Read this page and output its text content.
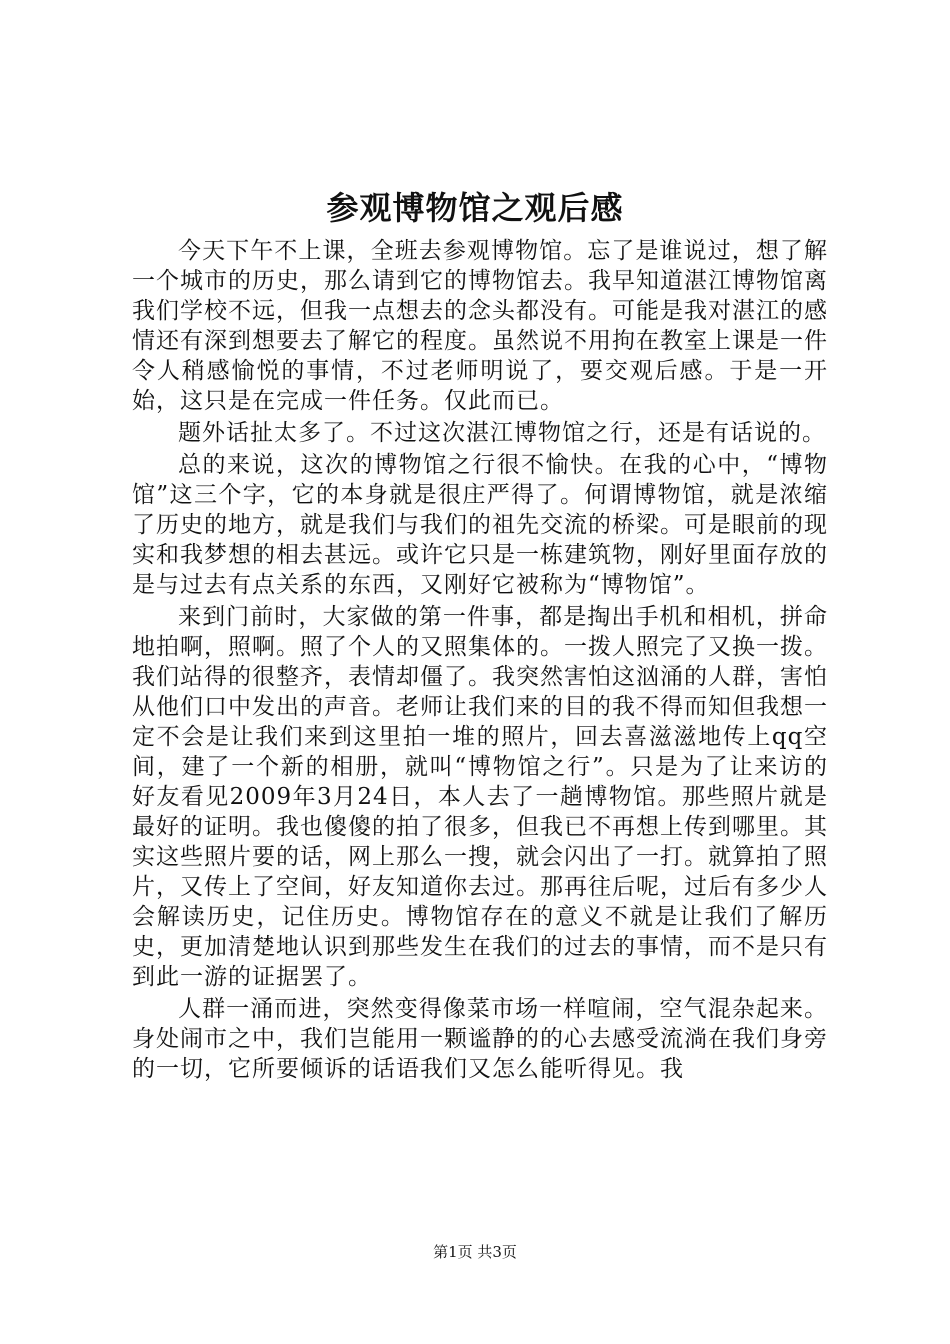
参观博物馆之观后感

今天下午不上课，全班去参观博物馆。忘了是谁说过，想了解一个城市的历史，那么请到它的博物馆去。我早知道湛江博物馆离我们学校不远，但我一点想去的念头都没有。可能是我对湛江的感情还有深到想要去了解它的程度。虽然说不用拘在教室上课是一件令人稍感愉悦的事情，不过老师明说了，要交观后感。于是一开始，这只是在完成一件任务。仅此而已。

题外话扯太多了。不过这次湛江博物馆之行，还是有话说的。

总的来说，这次的博物馆之行很不愉快。在我的心中，“博物馆”这三个字，它的本身就是很庄严得了。何谓博物馆，就是浓缩了历史的地方，就是我们与我们的祖先交流的桥梁。可是眼前的现实和我梦想的相去甚远。或许它只是一栋建筑物，刚好里面存放的是与过去有点关系的东西，又刚好它被称为“博物馆”。

来到门前时，大家做的第一件事，都是掏出手机和相机，拼命地拍啊，照啊。照了个人的又照集体的。一拨人照完了又换一拨。我们站得的很整齐，表情却僵了。我突然害怕这汹涌的人群，害怕从他们口中发出的声音。老师让我们来的目的我不得而知但我想一定不会是让我们来到这里拍一堆的照片，回去喜滋滋地传上qq空间，建了一个新的相册，就叫“博物馆之行”。只是为了让来访的好友看见2009年3月24日，本人去了一趟博物馆。那些照片就是最好的证明。我也傻傻的拍了很多，但我已不再想上传到哪里。其实这些照片要的话，网上那么一搜，就会闪出了一打。就算拍了照片，又传上了空间，好友知道你去过。那再往后呢，过后有多少人会解读历史，记住历史。博物馆存在的意义不就是让我们了解历史，更加清楚地认识到那些发生在我们的过去的事情，而不是只有到此一游的证据罢了。

人群一涌而进，突然变得像菜市场一样喧闹，空气混杂起来。身处闹市之中，我们岂能用一颗谧静的的心去感受流淌在我们身旁的一切，它所要倾诉的话语我们又怎么能听得见。我

第1页 共3页
